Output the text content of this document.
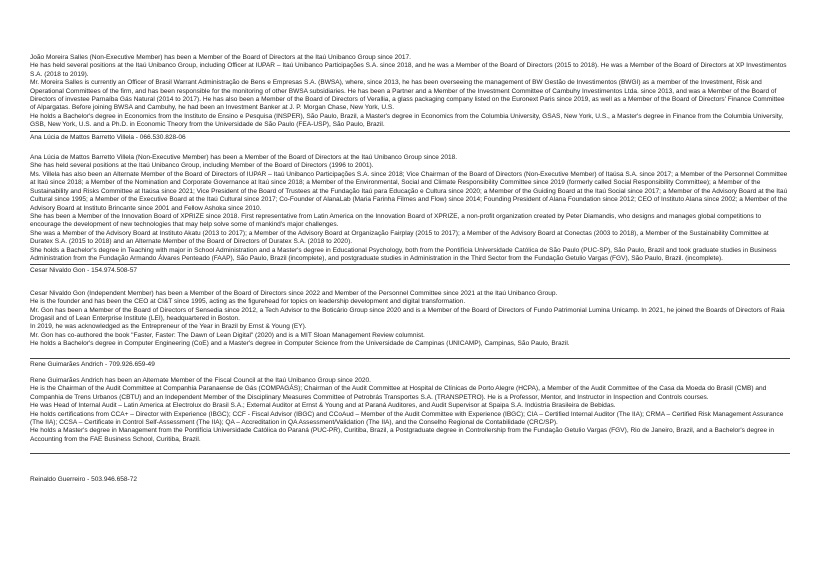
João Moreira Salles (Non-Executive Member) has been a Member of the Board of Directors at the Itaú Unibanco Group since 2017.

He has held several positions at the Itaú Unibanco Group, including Officer at IUPAR – Itaú Unibanco Participações S.A. since 2018, and he was a Member of the Board of Directors (2015 to 2018). He was a Member of the Board of Directors at XP Investimentos S.A. (2018 to 2019).

Mr. Moreira Salles is currently an Officer of Brasil Warrant Administração de Bens e Empresas S.A. (BWSA), where, since 2013, he has been overseeing the management of BW Gestão de Investimentos (BWGI) as a member of the Investment, Risk and Operational Committees of the firm, and has been responsible for the monitoring of other BWSA subsidiaries. He has been a Partner and a Member of the Investment Committee of Cambuhy Investimentos Ltda. since 2013, and was a Member of the Board of Directors of investee Parnaíba Gás Natural (2014 to 2017). He has also been a Member of the Board of Directors of Verallia, a glass packaging company listed on the Euronext Paris since 2019, as well as a Member of the Board of Directors' Finance Committee of Alpargatas. Before joining BWSA and Cambuhy, he had been an Investment Banker at J. P. Morgan Chase, New York, U.S.

He holds a Bachelor's degree in Economics from the Instituto de Ensino e Pesquisa (INSPER), São Paulo, Brazil, a Master's degree in Economics from the Columbia University, GSAS, New York, U.S., a Master's degree in Finance from the Columbia University, GSB, New York, U.S. and a Ph.D. in Economic Theory from the Universidade de São Paulo (FEA-USP), São Paulo, Brazil.

Ana Lúcia de Mattos Barretto Villela - 066.530.828-06

Ana Lúcia de Mattos Barretto Villela (Non-Executive Member) has been a Member of the Board of Directors at the Itaú Unibanco Group since 2018.

She has held several positions at the Itaú Unibanco Group, including Member of the Board of Directors (1996 to 2001).

Ms. Villela has also been an Alternate Member of the Board of Directors of IUPAR – Itaú Unibanco Participações S.A. since 2018; Vice Chairman of the Board of Directors (Non-Executive Member) of Itaúsa S.A. since 2017; a Member of the Personnel Committee at Itaú since 2018; a Member of the Nomination and Corporate Governance at Itaú since 2018; a Member of the Environmental, Social and Climate Responsibility Committee since 2019 (formerly called Social Responsibility Committee); a Member of the Sustainability and Risks Committee at Itaúsa since 2021; Vice President of the Board of Trustees at the Fundação Itaú para Educação e Cultura since 2020; a Member of the Guiding Board at the Itaú Social since 2017; a Member of the Advisory Board at the Itaú Cultural since 1995; a Member of the Executive Board at the Itaú Cultural since 2017; Co-Founder of AlanaLab (Maria Farinha Filmes and Flow) since 2014; Founding President of Alana Foundation since 2012; CEO of Instituto Alana since 2002; a Member of the Advisory Board at Instituto Brincante since 2001 and Fellow Ashoka since 2010.

She has been a Member of the Innovation Board of XPRIZE since 2018. First representative from Latin America on the Innovation Board of XPRIZE, a non-profit organization created by Peter Diamandis, who designs and manages global competitions to encourage the development of new technologies that may help solve some of mankind's major challenges.

She was a Member of the Advisory Board at Instituto Akatu (2013 to 2017); a Member of the Advisory Board at Organização Fairplay (2015 to 2017); a Member of the Advisory Board at Conectas (2003 to 2018), a Member of the Sustainability Committee at Duratex S.A. (2015 to 2018) and an Alternate Member of the Board of Directors of Duratex S.A. (2018 to 2020).

She holds a Bachelor's degree in Teaching with major in School Administration and a Master's degree in Educational Psychology, both from the Pontifícia Universidade Católica de São Paulo (PUC-SP), São Paulo, Brazil and took graduate studies in Business Administration from the Fundação Armando Álvares Penteado (FAAP), São Paulo, Brazil (incomplete), and postgraduate studies in Administration in the Third Sector from the Fundação Getulio Vargas (FGV), São Paulo, Brazil. (incomplete).

Cesar Nivaldo Gon - 154.974.508-57

Cesar Nivaldo Gon (Independent Member) has been a Member of the Board of Directors since 2022 and Member of the Personnel Committee since 2021 at the Itaú Unibanco Group.

He is the founder and has been the CEO at CI&T since 1995, acting as the figurehead for topics on leadership development and digital transformation.

Mr. Gon has been a Member of the Board of Directors of Sensedia since 2012, a Tech Advisor to the Boticário Group since 2020 and is a Member of the Board of Directors of Fundo Patrimonial Lumina Unicamp. In 2021, he joined the Boards of Directors of Raia Drogasil and of Lean Enterprise Institute (LEI), headquartered in Boston.

In 2019, he was acknowledged as the Entrepreneur of the Year in Brazil by Ernst & Young (EY).

Mr. Gon has co-authored the book "Faster, Faster: The Dawn of Lean Digital" (2020) and is a MIT Sloan Management Review columnist.

He holds a Bachelor's degree in Computer Engineering (CoE) and a Master's degree in Computer Science from the Universidade de Campinas (UNICAMP), Campinas, São Paulo, Brazil.

Rene Guimarães Andrich - 709.926.659-49

Rene Guimarães Andrich has been an Alternate Member of the Fiscal Council at the Itaú Unibanco Group since 2020.

He is the Chairman of the Audit Committee at Companhia Paranaense de Gás (COMPAGÁS); Chairman of the Audit Committee at Hospital de Clínicas de Porto Alegre (HCPA), a Member of the Audit Committee of the Casa da Moeda do Brasil (CMB) and Companhia de Trens Urbanos (CBTU) and an Independent Member of the Disciplinary Measures Committee of Petrobrás Transportes S.A. (TRANSPETRO). He is a Professor, Mentor, and Instructor in Inspection and Controls courses.

He was Head of Internal Audit – Latin America at Electrolux do Brasil S.A.; External Auditor at Ernst & Young and at Paraná Auditores, and Audit Supervisor at Spaipa S.A. Indústria Brasileira de Bebidas.

He holds certifications from CCA+ – Director with Experience (IBGC); CCF - Fiscal Advisor (IBGC) and CCoAud – Member of the Audit Committee with Experience (IBGC); CIA – Certified Internal Auditor (The IIA); CRMA – Certified Risk Management Assurance (The IIA); CCSA – Certificate in Control Self-Assessment (The IIA); QA – Accreditation in QA Assessment/Validation (The IIA), and the Conselho Regional de Contabilidade (CRC/SP).

He holds a Master's degree in Management from the Pontifícia Universidade Católica do Paraná (PUC-PR), Curitiba, Brazil, a Postgraduate degree in Controllership from the Fundação Getulio Vargas (FGV), Rio de Janeiro, Brazil, and a Bachelor's degree in Accounting from the FAE Business School, Curitiba, Brazil.

Reinaldo Guerreiro - 503.946.658-72
